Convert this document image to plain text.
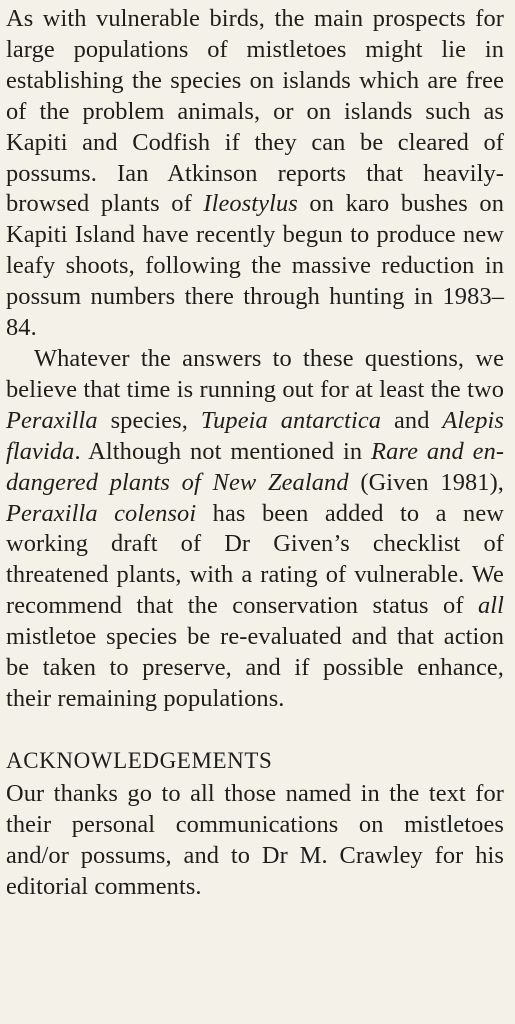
As with vulnerable birds, the main prospects for large populations of mistletoes might lie in establishing the species on islands which are free of the problem animals, or on islands such as Kapiti and Codfish if they can be cleared of possums. Ian Atkinson reports that heavily-browsed plants of Ileostylus on karo bushes on Kapiti Island have recently begun to produce new leafy shoots, following the massive reduction in possum numbers there through hunting in 1983–84.

Whatever the answers to these questions, we believe that time is running out for at least the two Peraxilla species, Tupeia antarctica and Alepis flavida. Although not mentioned in Rare and endangered plants of New Zealand (Given 1981), Peraxilla colensoi has been added to a new working draft of Dr Given’s checklist of threatened plants, with a rating of vulnerable. We recommend that the conservation status of all mistletoe species be re-evaluated and that action be taken to preserve, and if possible enhance, their remaining populations.

ACKNOWLEDGEMENTS

Our thanks go to all those named in the text for their personal communications on mistletoes and/or possums, and to Dr M. Crawley for his editorial comments.
